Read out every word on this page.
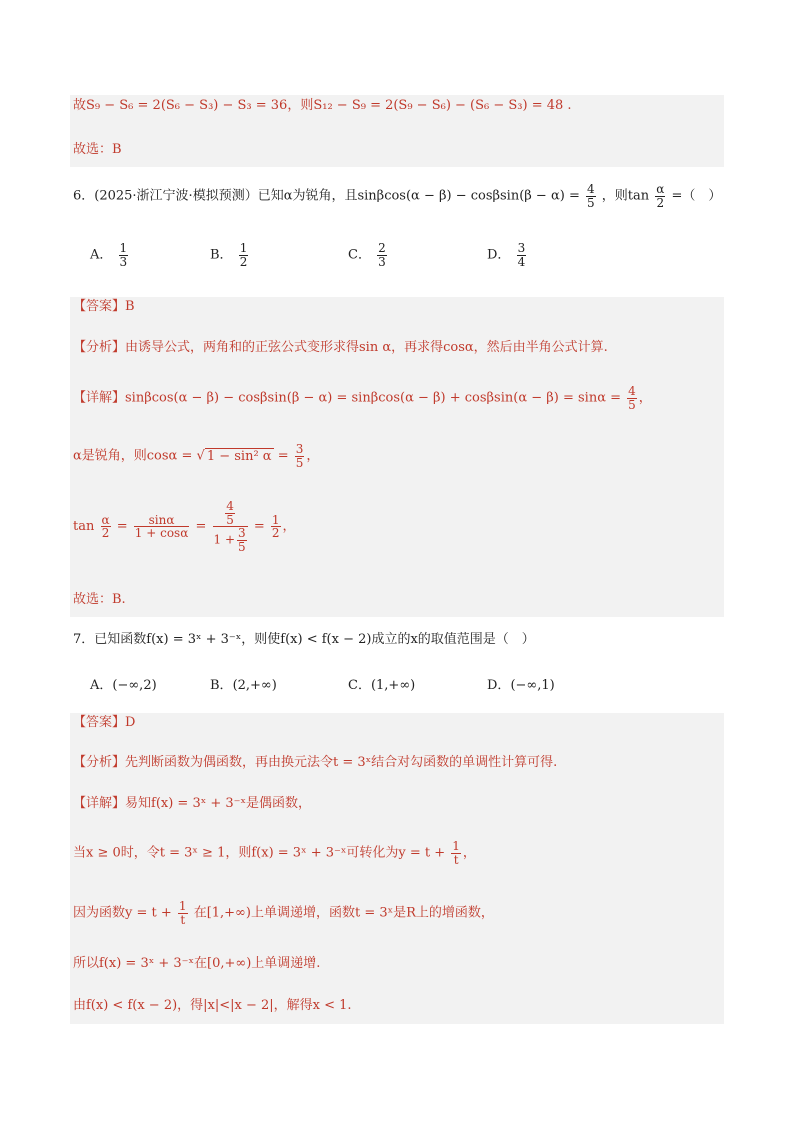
故S₉ − S₆ = 2(S₆ − S₃) − S₃ = 36，则S₁₂ − S₉ = 2(S₉ − S₆) − (S₆ − S₃) = 48 .
故选：B
6．(2025·浙江宁波·模拟预测）已知α为锐角，且$\sin\beta\cos(\alpha - \beta) - \cos\beta\sin(\beta - \alpha) = \frac{4}{5}$ ，则$\tan \frac{\alpha}{2}$ =（　）
A． $\frac{1}{3}$	B． $\frac{1}{2}$	C． $\frac{2}{3}$	D． $\frac{3}{4}$
【答案】B
【分析】由诱导公式，两角和的正弦公式变形求得sin α，再求得cosα，然后由半角公式计算.
【详解】$\sin\beta\cos(\alpha - \beta) - \cos\beta\sin(\beta - \alpha) = \sin\beta\cos(\alpha - \beta) + \cos\beta\sin(\alpha - \beta) = \sin\alpha = \frac{4}{5}$ ，
α是锐角，则cosα = √ 1 − sin² $\alpha = \frac{3}{5}$ ，
$\tan \frac{\alpha}{2} = \frac{\sin\alpha}{1 + \cos\alpha} = \frac{\frac{4}{5}}{1 + \frac{3}{5}} = \frac{1}{2}$ ，
故选：B.
7．已知函数f(x) = 3ˣ + 3⁻ˣ，则使f(x) < f(x − 2)成立的x的取值范围是（　）
A．(−∞,2)	B．(2,+∞)	C．(1,+∞)	D．(−∞,1)
【答案】D
【分析】先判断函数为偶函数，再由换元法令t = 3ˣ结合对勾函数的单调性计算可得.
【详解】易知f(x) = 3ˣ + 3⁻ˣ是偶函数，
当x ≥ 0时，令t = 3ˣ ≥ 1，则f(x) = 3ˣ + 3⁻ˣ可转化为$y = t + \frac{1}{t}$ ，
因为函数$y = t + \frac{1}{t}$ 在[1,+∞)上单调递增，函数t = 3ˣ是R上的增函数，
所以f(x) = 3ˣ + 3⁻ˣ在[0,+∞)上单调递增.
由f(x) < f(x − 2)，得|x|<|x − 2|，解得x < 1.
